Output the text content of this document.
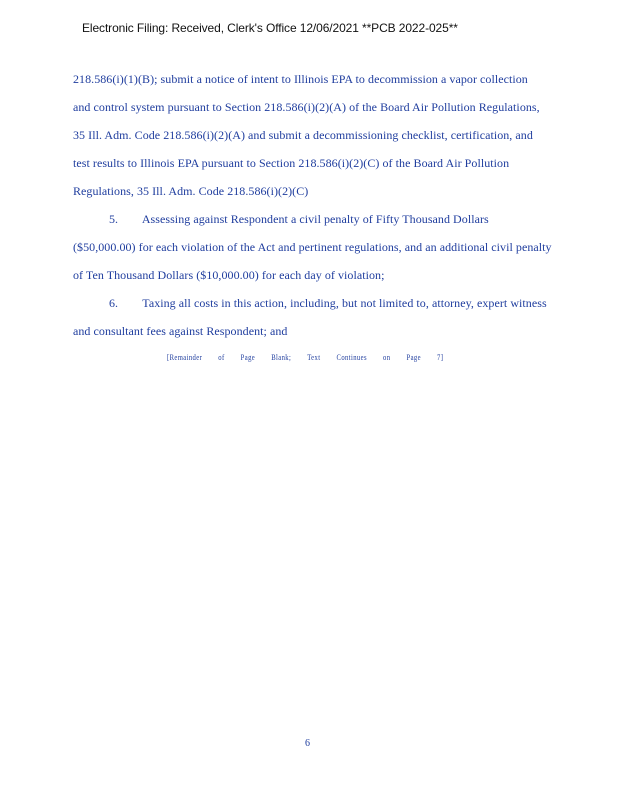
Electronic Filing: Received, Clerk's Office 12/06/2021 **PCB 2022-025**
218.586(i)(1)(B); submit a notice of intent to Illinois EPA to decommission a vapor collection
and control system pursuant to Section 218.586(i)(2)(A) of the Board Air Pollution Regulations,
35 Ill. Adm. Code 218.586(i)(2)(A) and submit a decommissioning checklist, certification, and
test results to Illinois EPA pursuant to Section 218.586(i)(2)(C) of the Board Air Pollution
Regulations, 35 Ill. Adm. Code 218.586(i)(2)(C)
5.        Assessing against Respondent a civil penalty of Fifty Thousand Dollars
($50,000.00) for each violation of the Act and pertinent regulations, and an additional civil penalty
of Ten Thousand Dollars ($10,000.00) for each day of violation;
6.        Taxing all costs in this action, including, but not limited to, attorney, expert witness
and consultant fees against Respondent; and
[Remainder of Page Blank; Text Continues on Page 7]
6
